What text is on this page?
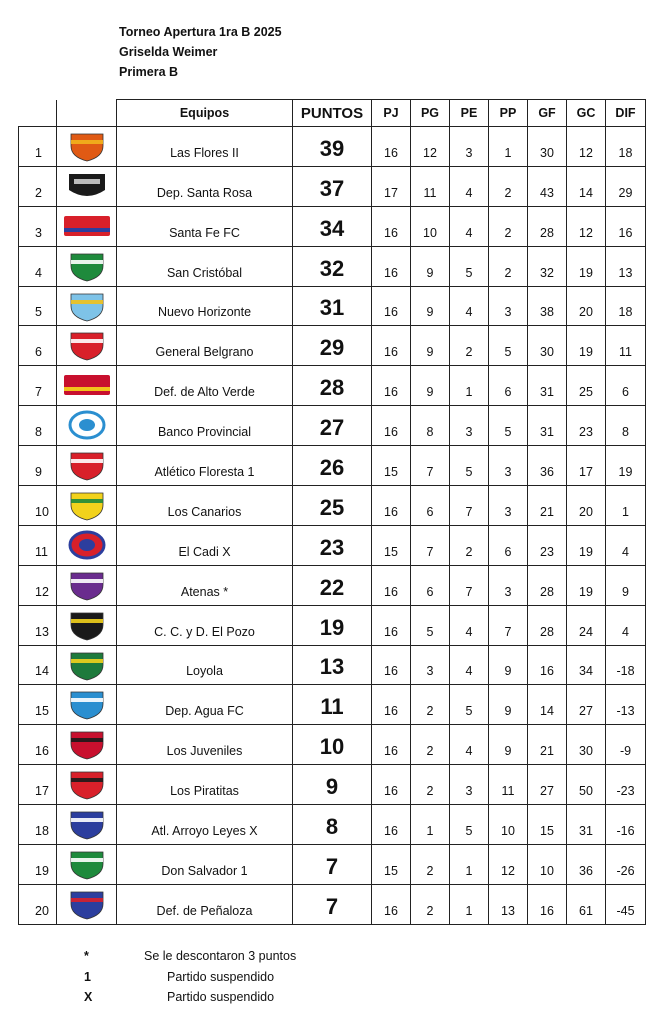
Torneo Apertura 1ra B 2025
Griselda Weimer
Primera B
		Equipos	PUNTOS	PJ	PG	PE	PP	GF	GC	DIF
1		Las Flores II	39	16	12	3	1	30	12	18
2		Dep. Santa Rosa	37	17	11	4	2	43	14	29
3		Santa Fe FC	34	16	10	4	2	28	12	16
4		San Cristóbal	32	16	9	5	2	32	19	13
5		Nuevo Horizonte	31	16	9	4	3	38	20	18
6		General Belgrano	29	16	9	2	5	30	19	11
7		Def. de Alto Verde	28	16	9	1	6	31	25	6
8		Banco Provincial	27	16	8	3	5	31	23	8
9		Atlético Floresta 1	26	15	7	5	3	36	17	19
10		Los Canarios	25	16	6	7	3	21	20	1
11		El Cadi X	23	15	7	2	6	23	19	4
12		Atenas *	22	16	6	7	3	28	19	9
13		C. C. y D. El Pozo	19	16	5	4	7	28	24	4
14		Loyola	13	16	3	4	9	16	34	-18
15		Dep. Agua FC	11	16	2	5	9	14	27	-13
16		Los Juveniles	10	16	2	4	9	21	30	-9
17		Los Piratitas	9	16	2	3	11	27	50	-23
18		Atl. Arroyo Leyes X	8	16	1	5	10	15	31	-16
19		Don Salvador 1	7	15	2	1	12	10	36	-26
20		Def. de Peñaloza	7	16	2	1	13	16	61	-45
*	Se le descontaron 3 puntos
1	Partido suspendido
X	Partido suspendido
